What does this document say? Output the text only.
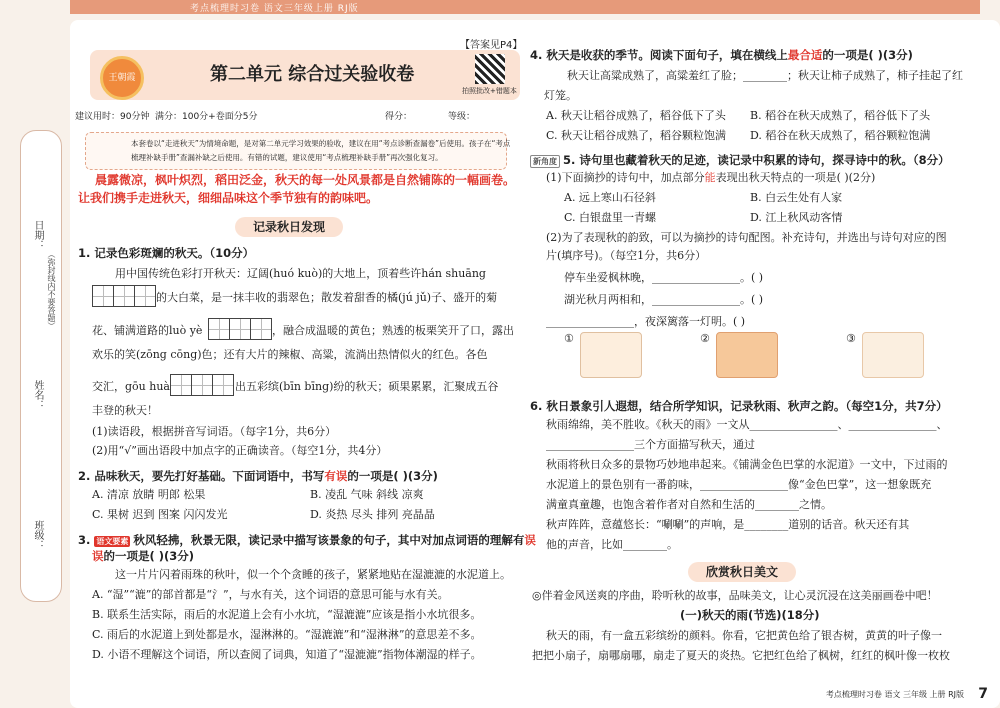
考点梳理时习卷 语文三年级上册 RJ版
日期：
姓名：
班级：
（弥封线内不要答题）
王朝霞	第二单元 综合过关验收卷
【答案见P4】
拍照批改+错题本
建议用时：90分钟 满分：100分+卷面分5分	得分：	等级：
本套卷以“走进秋天”为情境命题，是对第二单元学习效果的验收，建议在用“考点诊断查漏卷”后使用。孩子在“考点
梳理补缺手册”查漏补缺之后使用。有错的试题，建议使用“考点梳理补缺手册”再次强化复习。
晨露微凉，枫叶炽烈，稻田泛金，秋天的每一处风景都是自然铺陈的一幅画卷。
让我们携手走进秋天，细细品味这个季节独有的韵味吧。
记录秋日发现
1. 记录色彩斑斓的秋天。（10分）
用中国传统色彩打开秋天：辽阔(huó kuò)的大地上，顶着些许hán shuāng
的大白菜，是一抹丰收的翡翠色；散发着甜香的橘(jú jǔ)子、盛开的菊
花、铺满道路的luò yè	，融合成温暖的黄色；熟透的板栗笑开了口，露出
欢乐的笑(zōng cōng)色；还有大片的辣椒、高粱，流淌出热情似火的红色。各色
交汇，gōu huà	出五彩缤(bīn bīng)纷的秋天；硕果累累，汇聚成五谷
丰登的秋天！
(1)读语段，根据拼音写词语。（每字1分，共6分）
(2)用“√”画出语段中加点字的正确读音。（每空1分，共4分）
2. 品味秋天，要先打好基础。下面词语中，书写有误的一项是( )(3分)
A. 清凉 放睛 明郎 松果	B. 凌乱 气味 斜线 凉爽
C. 果树 迟到 图案 闪闪发光	D. 炎热 尽头 排列 亮晶晶
3. 语文要素 秋风轻拂，秋景无限，读记录中描写该景象的句子，其中对加点词语的理解有误
误的一项是( )(3分)
这一片片闪着雨珠的秋叶，似一个个贪睡的孩子，紧紧地贴在湿漉漉的水泥道上。
A. “湿”“漉”的部首都是“氵”，与水有关，这个词语的意思可能与水有关。
B. 联系生活实际，雨后的水泥道上会有小水坑，“湿漉漉”应该是指小水坑很多。
C. 雨后的水泥道上到处都是水，湿淋淋的。“湿漉漉”和“湿淋淋”的意思差不多。
D. 小语不理解这个词语，所以查阅了词典，知道了“湿漉漉”指物体潮湿的样子。
4. 秋天是收获的季节。阅读下面句子，填在横线上最合适的一项是( )(3分)
秋天让高粱成熟了，高粱羞红了脸；________；秋天让柿子成熟了，柿子挂起了红
灯笼。
A. 秋天让稻谷成熟了，稻谷低下了头 B. 稻谷在秋天成熟了，稻谷低下了头
C. 秋天让稻谷成熟了，稻谷颗粒饱满 D. 稻谷在秋天成熟了，稻谷颗粒饱满
新角度 5. 诗句里也藏着秋天的足迹，读记录中积累的诗句，探寻诗中的秋。（8分）
(1)下面摘抄的诗句中，加点部分能表现出秋天特点的一项是( )(2分)
A. 远上寒山石径斜	B. 白云生处有人家
C. 白银盘里一青螺	D. 江上秋风动客情
(2)为了表现秋的韵致，可以为摘抄的诗句配图。补充诗句，并选出与诗句对应的图
片(填序号)。（每空1分，共6分）
停车坐爱枫林晚，________________。( )
湖光秋月两相和，________________。( )
________________，夜深篱落一灯明。( )
①	②	③
6. 秋日景象引人遐想，结合所学知识，记录秋雨、秋声之韵。（每空1分，共7分）
秋雨绵绵，美不胜收。《秋天的雨》一文从________________、________________、
________________三个方面描写秋天，通过
秋雨将秋日众多的景物巧妙地串起来。《铺满金色巴掌的水泥道》一文中，下过雨的
水泥道上的景色别有一番韵味，________________像“金色巴掌”，这一想象既充
满童真童趣，也饱含着作者对自然和生活的________之情。
秋声阵阵，意蕴悠长：“唰唰”的声响，是________道别的话音。秋天还有其
他的声音，比如________。
欣赏秋日美文
◎伴着金风送爽的序曲，聆听秋的故事，品味美文，让心灵沉浸在这美丽画卷中吧！
(一)秋天的雨(节选)(18分)
秋天的雨，有一盒五彩缤纷的颜料。你看，它把黄色给了银杏树，黄黄的叶子像一
把把小扇子，扇哪扇哪，扇走了夏天的炎热。它把红色给了枫树，红红的枫叶像一枚枚
考点梳理时习卷 语文 三年级 上册 RJ版 7
